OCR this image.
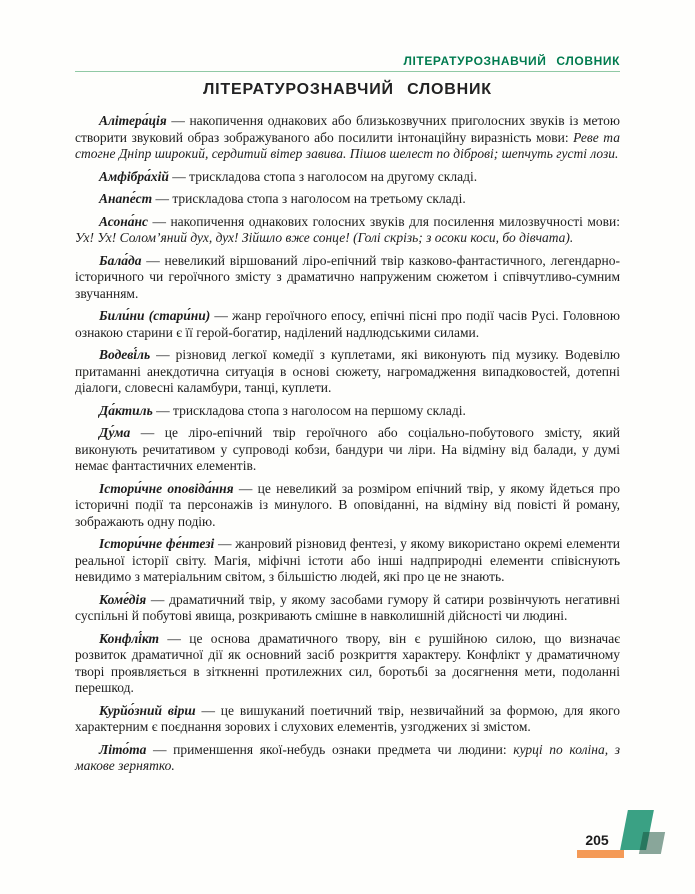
ЛІТЕРАТУРОЗНАВЧИЙ СЛОВНИК
ЛІТЕРАТУРОЗНАВЧИЙ СЛОВНИК

Алітера́ція — накопичення однакових або близькозвучних приголосних звуків із метою створити звуковий образ зображуваного або посилити інтонаційну виразність мови: Реве та стогне Дніпр широкий, сердитий вітер завива. Пішов шелест по діброві; шепчуть густі лози.

Амфібра́хій — трискладова стопа з наголосом на другому складі.

Анапе́ст — трискладова стопа з наголосом на третьому складі.

Асона́нс — накопичення однакових голосних звуків для посилення милозвучності мови: Ух! Ух! Солом’яний дух, дух! Зійшло вже сонце! (Голі скрізь; з осоки коси, бо дівчата).

Бала́да — невеликий віршований ліро-епічний твір казково-фантастичного, легендарно-історичного чи героїчного змісту з драматично напруженим сюжетом і співчутливо-сумним звучанням.

Били́ни (стари́ни) — жанр героїчного епосу, епічні пісні про події часів Русі. Головною ознакою старини є її герой-богатир, наділений надлюдськими силами.

Водеві́ль — різновид легкої комедії з куплетами, які виконують під музику. Водевілю притаманні анекдотична ситуація в основі сюжету, нагромадження випадковостей, дотепні діалоги, словесні каламбури, танці, куплети.

Да́ктиль — трискладова стопа з наголосом на першому складі.

Ду́ма — це ліро-епічний твір героїчного або соціально-побутового змісту, який виконують речитативом у супроводі кобзи, бандури чи ліри. На відміну від балади, у думі немає фантастичних елементів.

Істори́чне оповіда́ння — це невеликий за розміром епічний твір, у якому йдеться про історичні події та персонажів із минулого. В оповіданні, на відміну від повісті й роману, зображають одну подію.

Істори́чне фе́нтезі — жанровий різновид фентезі, у якому використано окремі елементи реальної історії світу. Магія, міфічні істоти або інші надприродні елементи співіснують невидимо з матеріальним світом, з більшістю людей, які про це не знають.

Коме́дія — драматичний твір, у якому засобами гумору й сатири розвінчують негативні суспільні й побутові явища, розкривають смішне в навколишній дійсності чи людині.

Конфлі́кт — це основа драматичного твору, він є рушійною силою, що визначає розвиток драматичної дії як основний засіб розкриття характеру. Конфлікт у драматичному творі проявляється в зіткненні протилежних сил, боротьбі за досягнення мети, подоланні перешкод.

Курйо́зний вірш — це вишуканий поетичний твір, незвичайний за формою, для якого характерним є поєднання зорових і слухових елементів, узгоджених зі змістом.

Літо́та — применшення якої-небудь ознаки предмета чи людини: курці по коліна, з макове зернятко.

205
